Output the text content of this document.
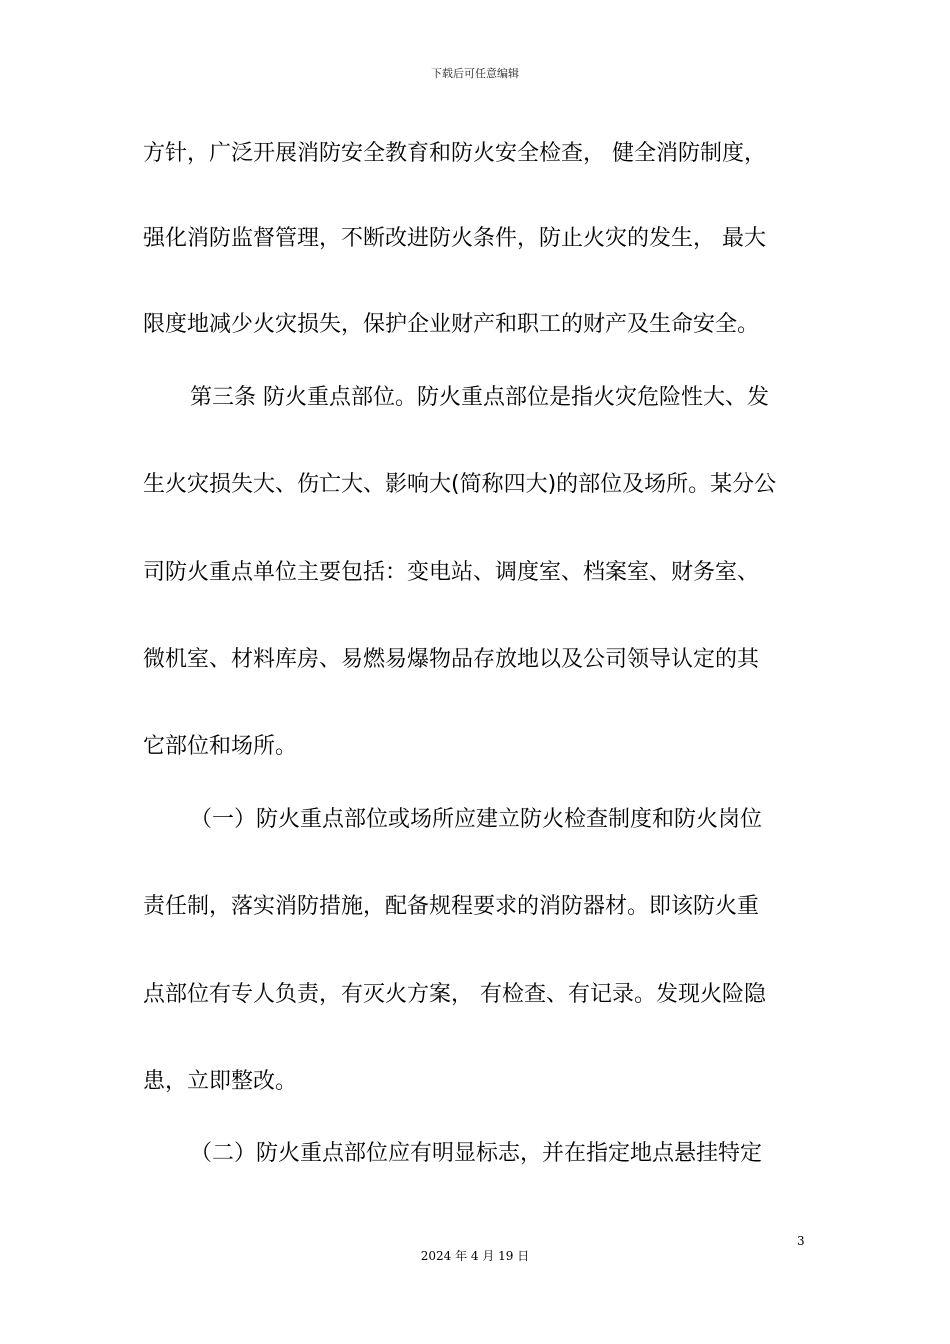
下载后可任意编辑
方针，广泛开展消防安全教育和防火安全检查， 健全消防制度，
强化消防监督管理，不断改进防火条件，防止火灾的发生， 最大
限度地减少火灾损失，保护企业财产和职工的财产及生命安全。
第三条 防火重点部位。防火重点部位是指火灾危险性大、发
生火灾损失大、伤亡大、影响大(简称四大)的部位及场所。某分公
司防火重点单位主要包括：变电站、调度室、档案室、财务室、
微机室、材料库房、易燃易爆物品存放地以及公司领导认定的其
它部位和场所。
（一）防火重点部位或场所应建立防火检查制度和防火岗位
责任制，落实消防措施，配备规程要求的消防器材。即该防火重
点部位有专人负责，有灭火方案， 有检查、有记录。发现火险隐
患，立即整改。
（二）防火重点部位应有明显标志，并在指定地点悬挂特定
3
2024 年 4 月 19 日
